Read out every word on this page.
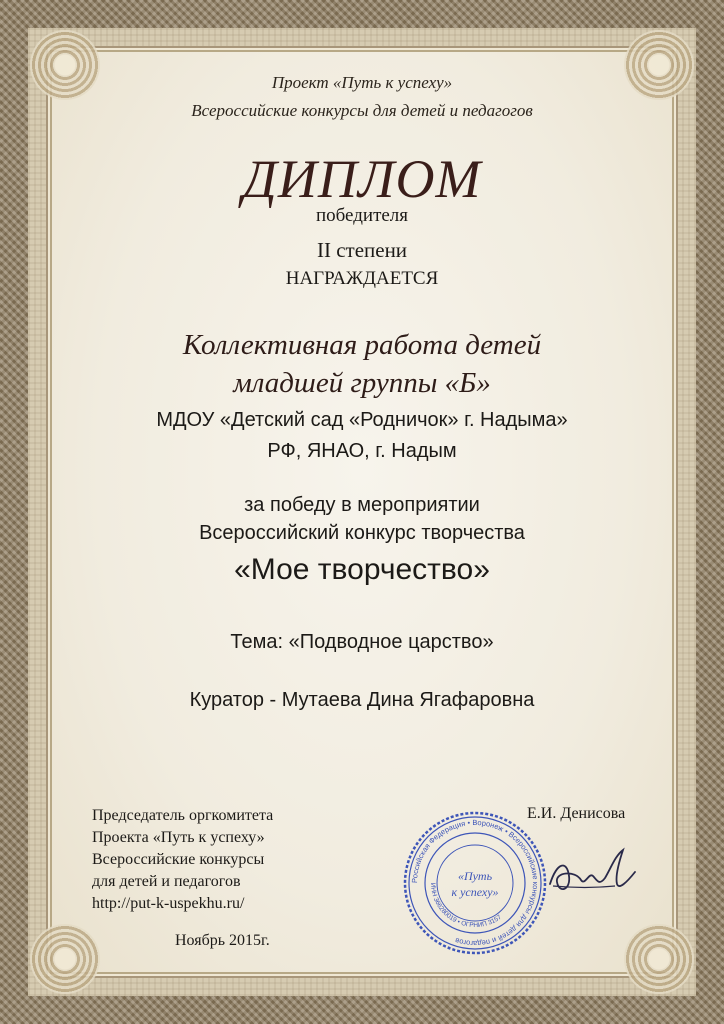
Проект «Путь к успеху»
Всероссийские конкурсы для детей и педагогов
ДИПЛОМ
победителя
II степени
НАГРАЖДАЕТСЯ
Коллективная работа детей
младшей группы «Б»
МДОУ «Детский сад «Родничок» г. Надыма»
РФ, ЯНАО, г. Надым
за победу в мероприятии
Всероссийский конкурс творчества
«Мое творчество»
Тема: «Подводное царство»
Куратор - Мутаева Дина Ягафаровна
Председатель оргкомитета
Проекта «Путь к успеху»
Всероссийские конкурсы
для детей и педагогов
http://put-k-uspekhu.ru/
Ноябрь 2015г.
Е.И. Денисова
Российская Федерация • Воронеж • Всероссийские конкурсы для детей и педагогов
ИНН 366280019 • ОГРНИП 3157
«Путь
к успеху»
